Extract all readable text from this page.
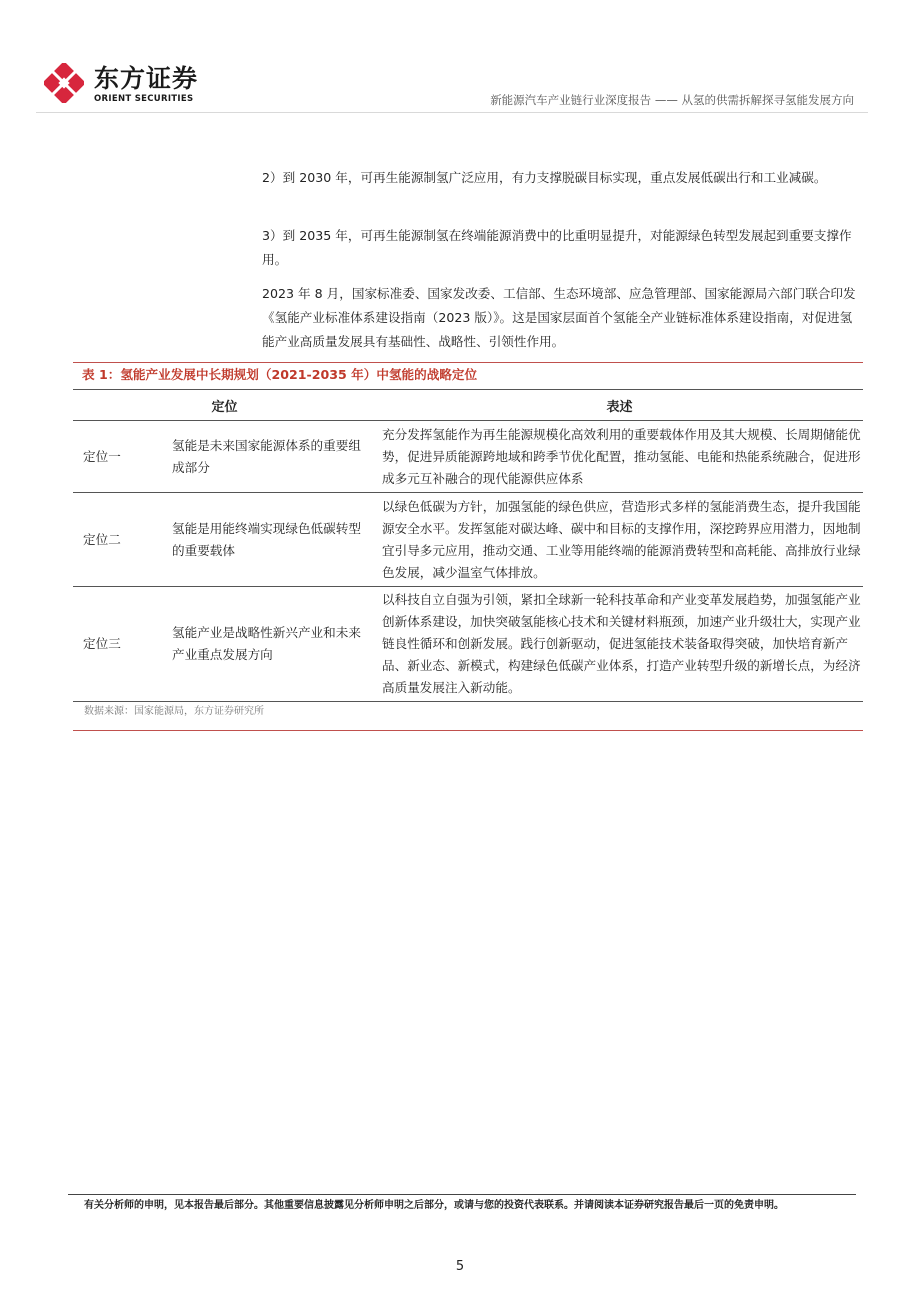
东方证券
ORIENT SECURITIES	新能源汽车产业链行业深度报告 —— 从氢的供需拆解探寻氢能发展方向
2）到 2030 年，可再生能源制氢广泛应用，有力支撑脱碳目标实现，重点发展低碳出行和工业减碳。
3）到 2035 年，可再生能源制氢在终端能源消费中的比重明显提升，对能源绿色转型发展起到重要支撑作用。
2023 年 8 月，国家标准委、国家发改委、工信部、生态环境部、应急管理部、国家能源局六部门联合印发《氢能产业标准体系建设指南（2023 版）》。这是国家层面首个氢能全产业链标准体系建设指南，对促进氢能产业高质量发展具有基础性、战略性、引领性作用。
表 1：氢能产业发展中长期规划（2021-2035 年）中氢能的战略定位
定位		表述
定位一	氢能是未来国家能源体系的重要组成部分	充分发挥氢能作为再生能源规模化高效利用的重要载体作用及其大规模、长周期储能优势，促进异质能源跨地域和跨季节优化配置，推动氢能、电能和热能系统融合，促进形成多元互补融合的现代能源供应体系
定位二	氢能是用能终端实现绿色低碳转型的重要载体	以绿色低碳为方针，加强氢能的绿色供应，营造形式多样的氢能消费生态，提升我国能源安全水平。发挥氢能对碳达峰、碳中和目标的支撑作用，深挖跨界应用潜力，因地制宜引导多元应用，推动交通、工业等用能终端的能源消费转型和高耗能、高排放行业绿色发展，减少温室气体排放。
定位三	氢能产业是战略性新兴产业和未来产业重点发展方向	以科技自立自强为引领，紧扣全球新一轮科技革命和产业变革发展趋势，加强氢能产业创新体系建设，加快突破氢能核心技术和关键材料瓶颈，加速产业升级壮大，实现产业链良性循环和创新发展。践行创新驱动，促进氢能技术装备取得突破，加快培育新产品、新业态、新模式，构建绿色低碳产业体系，打造产业转型升级的新增长点，为经济高质量发展注入新动能。
数据来源：国家能源局，东方证券研究所
有关分析师的申明，见本报告最后部分。其他重要信息披露见分析师申明之后部分，或请与您的投资代表联系。并请阅读本证券研究报告最后一页的免责申明。
5
